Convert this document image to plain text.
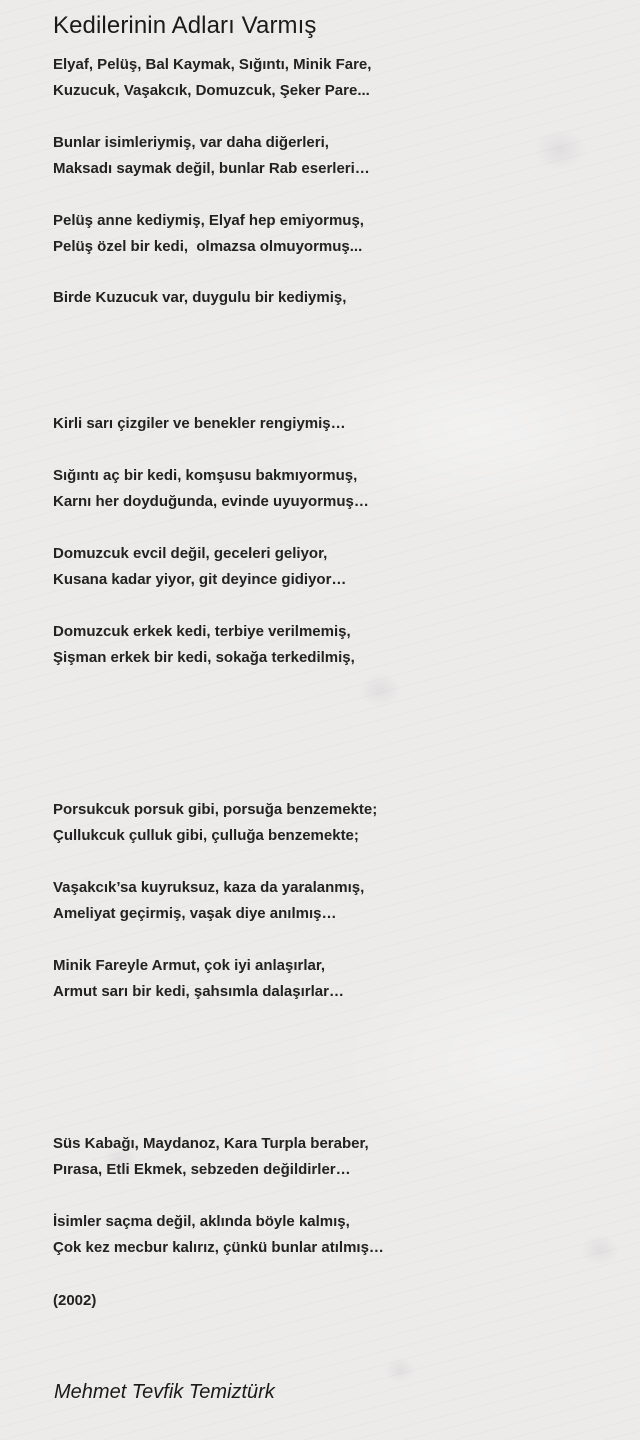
Kedilerinin Adları Varmış

Elyaf, Pelüş, Bal Kaymak, Sığıntı, Minik Fare,

Kuzucuk, Vaşakcık, Domuzcuk, Şeker Pare...

Bunlar isimleriymiş, var daha diğerleri,

Maksadı saymak değil, bunlar Rab eserleri…

Pelüş anne kediymiş, Elyaf hep emiyormuş,

Pelüş özel bir kedi,  olmazsa olmuyormuş...

Birde Kuzucuk var, duygulu bir kediymiş,

Kirli sarı çizgiler ve benekler rengiymiş…

Sığıntı aç bir kedi, komşusu bakmıyormuş,

Karnı her doyduğunda, evinde uyuyormuş…

Domuzcuk evcil değil, geceleri geliyor,

Kusana kadar yiyor, git deyince gidiyor…

Domuzcuk erkek kedi, terbiye verilmemiş,

Şişman erkek bir kedi, sokağa terkedilmiş,

Porsukcuk porsuk gibi, porsuğa benzemekte;

Çullukcuk çulluk gibi, çulluğa benzemekte;

Vaşakcık’sa kuyruksuz, kaza da yaralanmış,

Ameliyat geçirmiş, vaşak diye anılmış…

Minik Fareyle Armut, çok iyi anlaşırlar,

Armut sarı bir kedi, şahsımla dalaşırlar…

Süs Kabağı, Maydanoz, Kara Turpla beraber,

Pırasa, Etli Ekmek, sebzeden değildirler…

İsimler saçma değil, aklında böyle kalmış,

Çok kez mecbur kalırız, çünkü bunlar atılmış…

(2002)

Mehmet Tevfik Temiztürk
